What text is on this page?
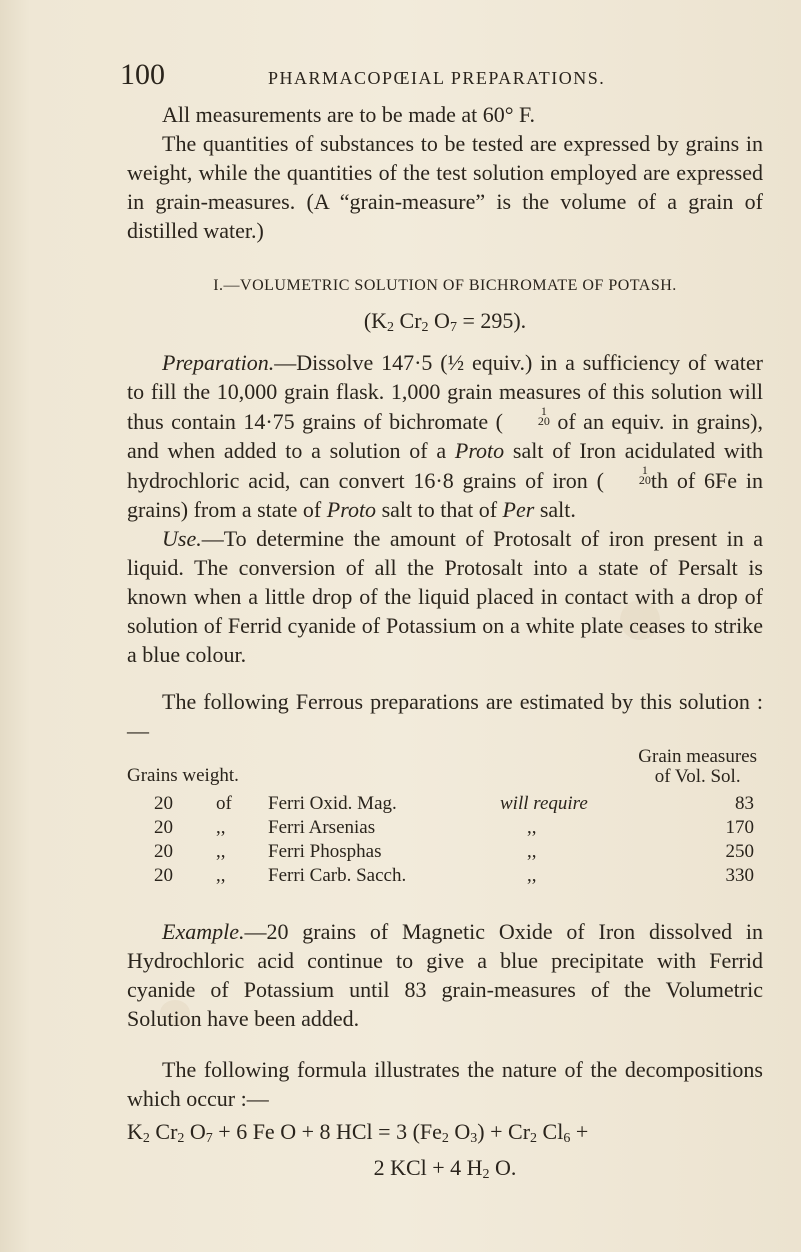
100	PHARMACOPŒIAL PREPARATIONS.

All measurements are to be made at 60° F.

The quantities of substances to be tested are expressed by grains in weight, while the quantities of the test solution employed are expressed in grain-measures. (A “grain-measure” is the volume of a grain of distilled water.)

I.—VOLUMETRIC SOLUTION OF BICHROMATE OF POTASH.

($K_2$ $Cr_2$ $O_7 = 295$).

Preparation.—Dissolve 147·5 (½ equiv.) in a sufficiency of water to fill the 10,000 grain flask. 1,000 grain measures of this solution will thus contain 14·75 grains of bichromate (	1
20 of an equiv. in grains), and when added to a solution of a Proto salt of Iron acidulated with hydrochloric acid, can convert 16·8 grains of iron (	1
20 th of 6Fe in grains) from a state of Proto salt to that of Per salt.

Use.—To determine the amount of Protosalt of iron present in a liquid. The conversion of all the Protosalt into a state of Persalt is known when a little drop of the liquid placed in contact with a drop of solution of Ferrid cyanide of Potassium on a white plate ceases to strike a blue colour.

The following Ferrous preparations are estimated by this solution :—

Grains weight.
Grain measures
of Vol. Sol.
20 of Ferri Oxid. Mag.	will require	83
20 ,, Ferri Arsenias	,,	170
20 ,, Ferri Phosphas	,,	250
20 ,, Ferri Carb. Sacch.	,,	330

Example.—20 grains of Magnetic Oxide of Iron dissolved in Hydrochloric acid continue to give a blue precipitate with Ferrid cyanide of Potassium until 83 grain-measures of the Volumetric Solution have been added.

The following formula illustrates the nature of the decompositions which occur :—

$K_2$ $Cr_2$ $O_7 + 6$ Fe O + 8 HCl = 3 ($Fe_2$ $O_3) + Cr_2$ $Cl_6$ +

2 KCl + 4 $H_2$ O.
